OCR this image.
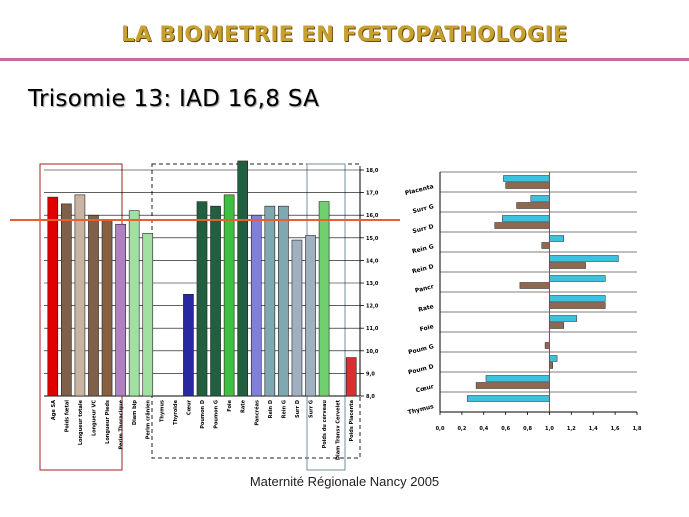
LA BIOMETRIE EN FŒTOPATHOLOGIE
Trisomie 13: IAD 16,8 SA
8,0
9,0
10,0
11,0
12,0
13,0
14,0
15,0
16,0
17,0
18,0
Age SA Poids fœtal Longueur totale Longueur VC Longueur Pieds Perim Thoracique Diam bip Perim crânien Thymus Thyroïde Cœur Poumon D Poumon G Foie Rate Pancréas Rein D Rein G Surr D Surr G Poids du cerveau Diam Transv Cervelet Poids Placenta	0,0	0,2	0,4	0,6	0,8	1,0	1,2	1,4	1,6	1,8
Placenta
Surr G
Surr D
Rein G
Rein D
Pancr
Rate
Foie
Poum G
Poum D
Cœur
Thymus
Maternité Régionale Nancy 2005
